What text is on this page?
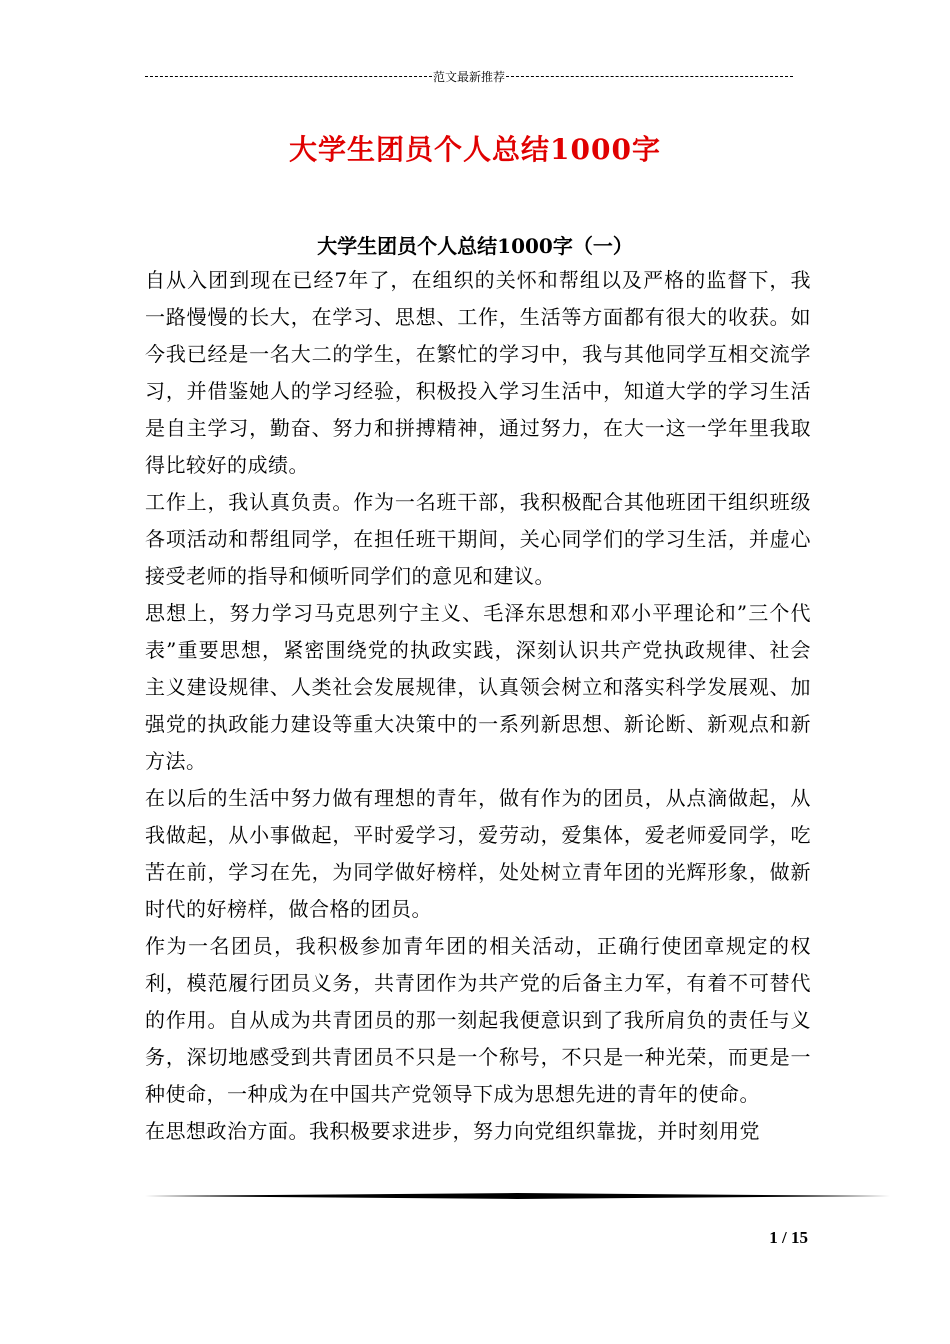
范文最新推荐
大学生团员个人总结1000字
大学生团员个人总结1000字（一）

自从入团到现在已经7年了，在组织的关怀和帮组以及严格的监督下，我一路慢慢的长大，在学习、思想、工作，生活等方面都有很大的收获。如今我已经是一名大二的学生，在繁忙的学习中，我与其他同学互相交流学习，并借鉴她人的学习经验，积极投入学习生活中，知道大学的学习生活是自主学习，勤奋、努力和拼搏精神，通过努力，在大一这一学年里我取得比较好的成绩。

工作上，我认真负责。作为一名班干部，我积极配合其他班团干组织班级各项活动和帮组同学，在担任班干期间，关心同学们的学习生活，并虚心接受老师的指导和倾听同学们的意见和建议。

思想上，努力学习马克思列宁主义、毛泽东思想和邓小平理论和”三个代表”重要思想，紧密围绕党的执政实践，深刻认识共产党执政规律、社会主义建设规律、人类社会发展规律，认真领会树立和落实科学发展观、加强党的执政能力建设等重大决策中的一系列新思想、新论断、新观点和新方法。

在以后的生活中努力做有理想的青年，做有作为的团员，从点滴做起，从我做起，从小事做起，平时爱学习，爱劳动，爱集体，爱老师爱同学，吃苦在前，学习在先，为同学做好榜样，处处树立青年团的光辉形象，做新时代的好榜样，做合格的团员。

作为一名团员，我积极参加青年团的相关活动，正确行使团章规定的权利，模范履行团员义务，共青团作为共产党的后备主力军，有着不可替代的作用。自从成为共青团员的那一刻起我便意识到了我所肩负的责任与义务，深切地感受到共青团员不只是一个称号，不只是一种光荣，而更是一种使命，一种成为在中国共产党领导下成为思想先进的青年的使命。

在思想政治方面。我积极要求进步，努力向党组织靠拢，并时刻用党

1 / 15
